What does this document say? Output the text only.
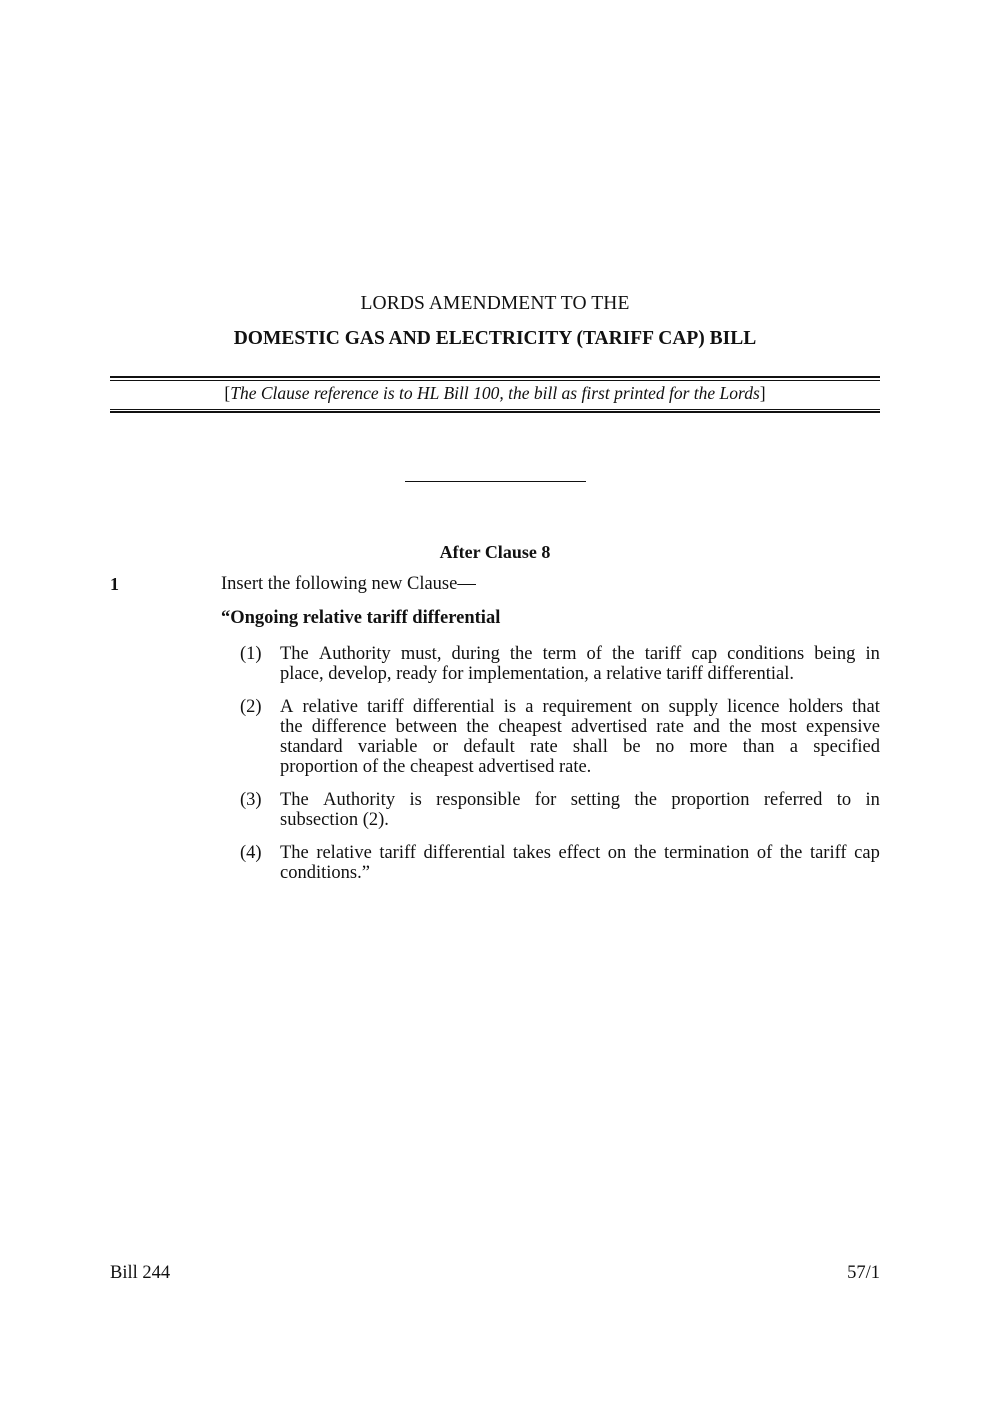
LORDS AMENDMENT TO THE
DOMESTIC GAS AND ELECTRICITY (TARIFF CAP) BILL
[The Clause reference is to HL Bill 100, the bill as first printed for the Lords]
After Clause 8
1	Insert the following new Clause—
“Ongoing relative tariff differential
(1) The Authority must, during the term of the tariff cap conditions being in
place, develop, ready for implementation, a relative tariff differential.
(2) A relative tariff differential is a requirement on supply licence holders that
the difference between the cheapest advertised rate and the most expensive
standard variable or default rate shall be no more than a specified
proportion of the cheapest advertised rate.
(3) The Authority is responsible for setting the proportion referred to in
subsection (2).
(4) The relative tariff differential takes effect on the termination of the tariff cap
conditions.”
Bill 244	57/1
